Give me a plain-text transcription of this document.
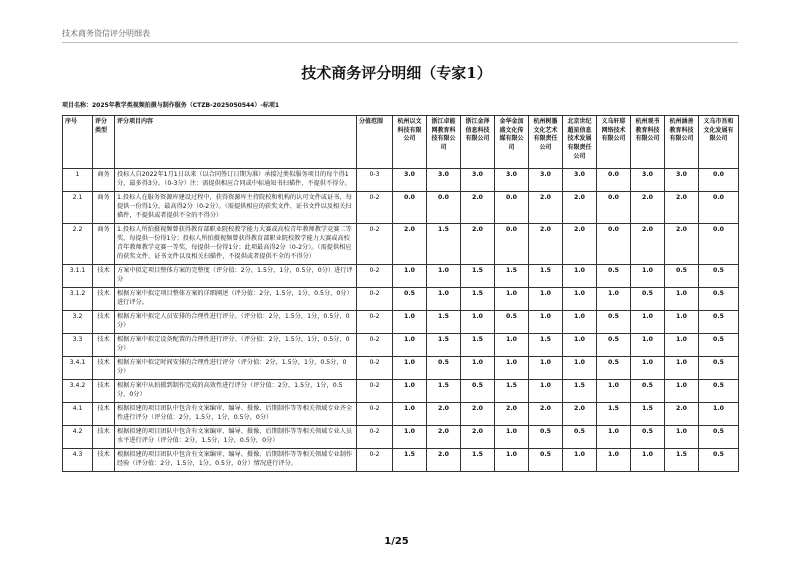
技术商务资信评分明细表
技术商务评分明细（专家1）
项目名称：2025年教学类视频拍摄与制作服务（CTZB-2025050544）-标项1
序号	评分类型	评分项目内容	分值范围	杭州以文科技有限公司	浙江卓能网教育科技有限公司	浙江金泽信息科技有限公司	金华金加盛文化传媒有限公司	杭州树墨文化艺术有限责任公司	北京世纪超星信息技术发展有限责任公司	义乌轩耶网络技术有限公司	杭州观书教育科技有限公司	杭州涵善教育科技有限公司	义乌市吾和文化发展有限公司
1	商务	投标人自2022年1月1日以来（以合同签订日期为准）承接过类似服务项目的每个得1分，最多得3分。（0-3分）注：需提供相应合同或中标通知书扫描件，不提供不得分。	0-3	3.0	3.0	3.0	3.0	3.0	3.0	0.0	3.0	3.0	0.0
2.1	商务	1.投标人在服务资源库建设过程中，获得资源库主持院校和机构的认可文件或证书，每提供一份得1分，最高得2分（0-2分）。（需提供相应的获奖文件、证书文件以及相关扫描件，不提供或者提供不全的不得分）	0-2	0.0	0.0	2.0	0.0	2.0	2.0	0.0	2.0	2.0	0.0
2.2	商务	1.投标人所拍摄视频曾获得教育部职业院校教学能力大赛或高校青年教师教学竞赛二等奖，每提供一份得1分；投标人所拍摄视频曾获得教育部职业院校教学能力大赛或高校青年教师教学竞赛一等奖，每提供一份得1分；此项最高得2分（0-2分）。（需提供相应的获奖文件、证书文件以及相关扫描件，不提供或者提供不全的不得分）	0-2	2.0	1.5	2.0	0.0	2.0	2.0	0.0	2.0	2.0	0.0
3.1.1	技术	方案中拟定项目整体方案的完整度（评分值：2分，1.5分，1分，0.5分，0分）进行评分	0-2	1.0	1.0	1.5	1.5	1.5	1.0	0.5	1.0	0.5	0.5
3.1.2	技术	根据方案中拟定项目整体方案的详细阐述（评分值：2分，1.5分，1分，0.5分，0分）进行评分。	0-2	0.5	1.0	1.5	1.0	1.0	1.0	1.0	0.5	1.0	0.5
3.2	技术	根据方案中拟定人员安排的合理性进行评分。（评分值：2分，1.5分，1分，0.5分，0分）	0-2	1.0	1.5	1.0	0.5	1.0	1.0	0.5	1.0	1.0	0.5
3.3	技术	根据方案中拟定设备配置的合理性进行评分。（评分值：2分，1.5分，1分，0.5分，0分）	0-2	1.0	1.5	1.5	1.0	1.5	1.0	0.5	1.0	1.0	0.5
3.4.1	技术	根据方案中拟定时间安排的合理性进行评分（评分值：2分，1.5分，1分，0.5分，0分）	0-2	1.0	0.5	1.0	1.0	1.0	1.0	0.5	1.0	1.0	0.5
3.4.2	技术	根据方案中从拍摄到制作完成的高效性进行评分（评分值：2分，1.5分，1分，0.5分，0分）	0-2	1.0	1.5	0.5	1.5	1.0	1.5	1.0	0.5	1.0	0.5
4.1	技术	根据拟建的项目团队中包含有文案编审、编导、摄像、后期制作等等相关领域专业齐全性进行评分（评分值：2分，1.5分，1分，0.5分，0分）	0-2	1.0	2.0	2.0	2.0	2.0	2.0	1.5	1.5	2.0	1.0
4.2	技术	根据拟建的项目团队中包含有文案编审、编导、摄像、后期制作等等相关领域专业人员水平进行评分（评分值：2分，1.5分，1分，0.5分，0分）	0-2	1.0	2.0	2.0	1.0	0.5	0.5	1.0	0.5	1.0	0.5
4.3	技术	根据拟建的项目团队中包含有文案编审、编导、摄像、后期制作等等相关领域专业制作经验（评分值：2分，1.5分，1分，0.5分，0分）情况进行评分。	0-2	1.5	2.0	1.5	1.0	0.5	1.0	1.0	1.0	1.5	0.5
1/25
